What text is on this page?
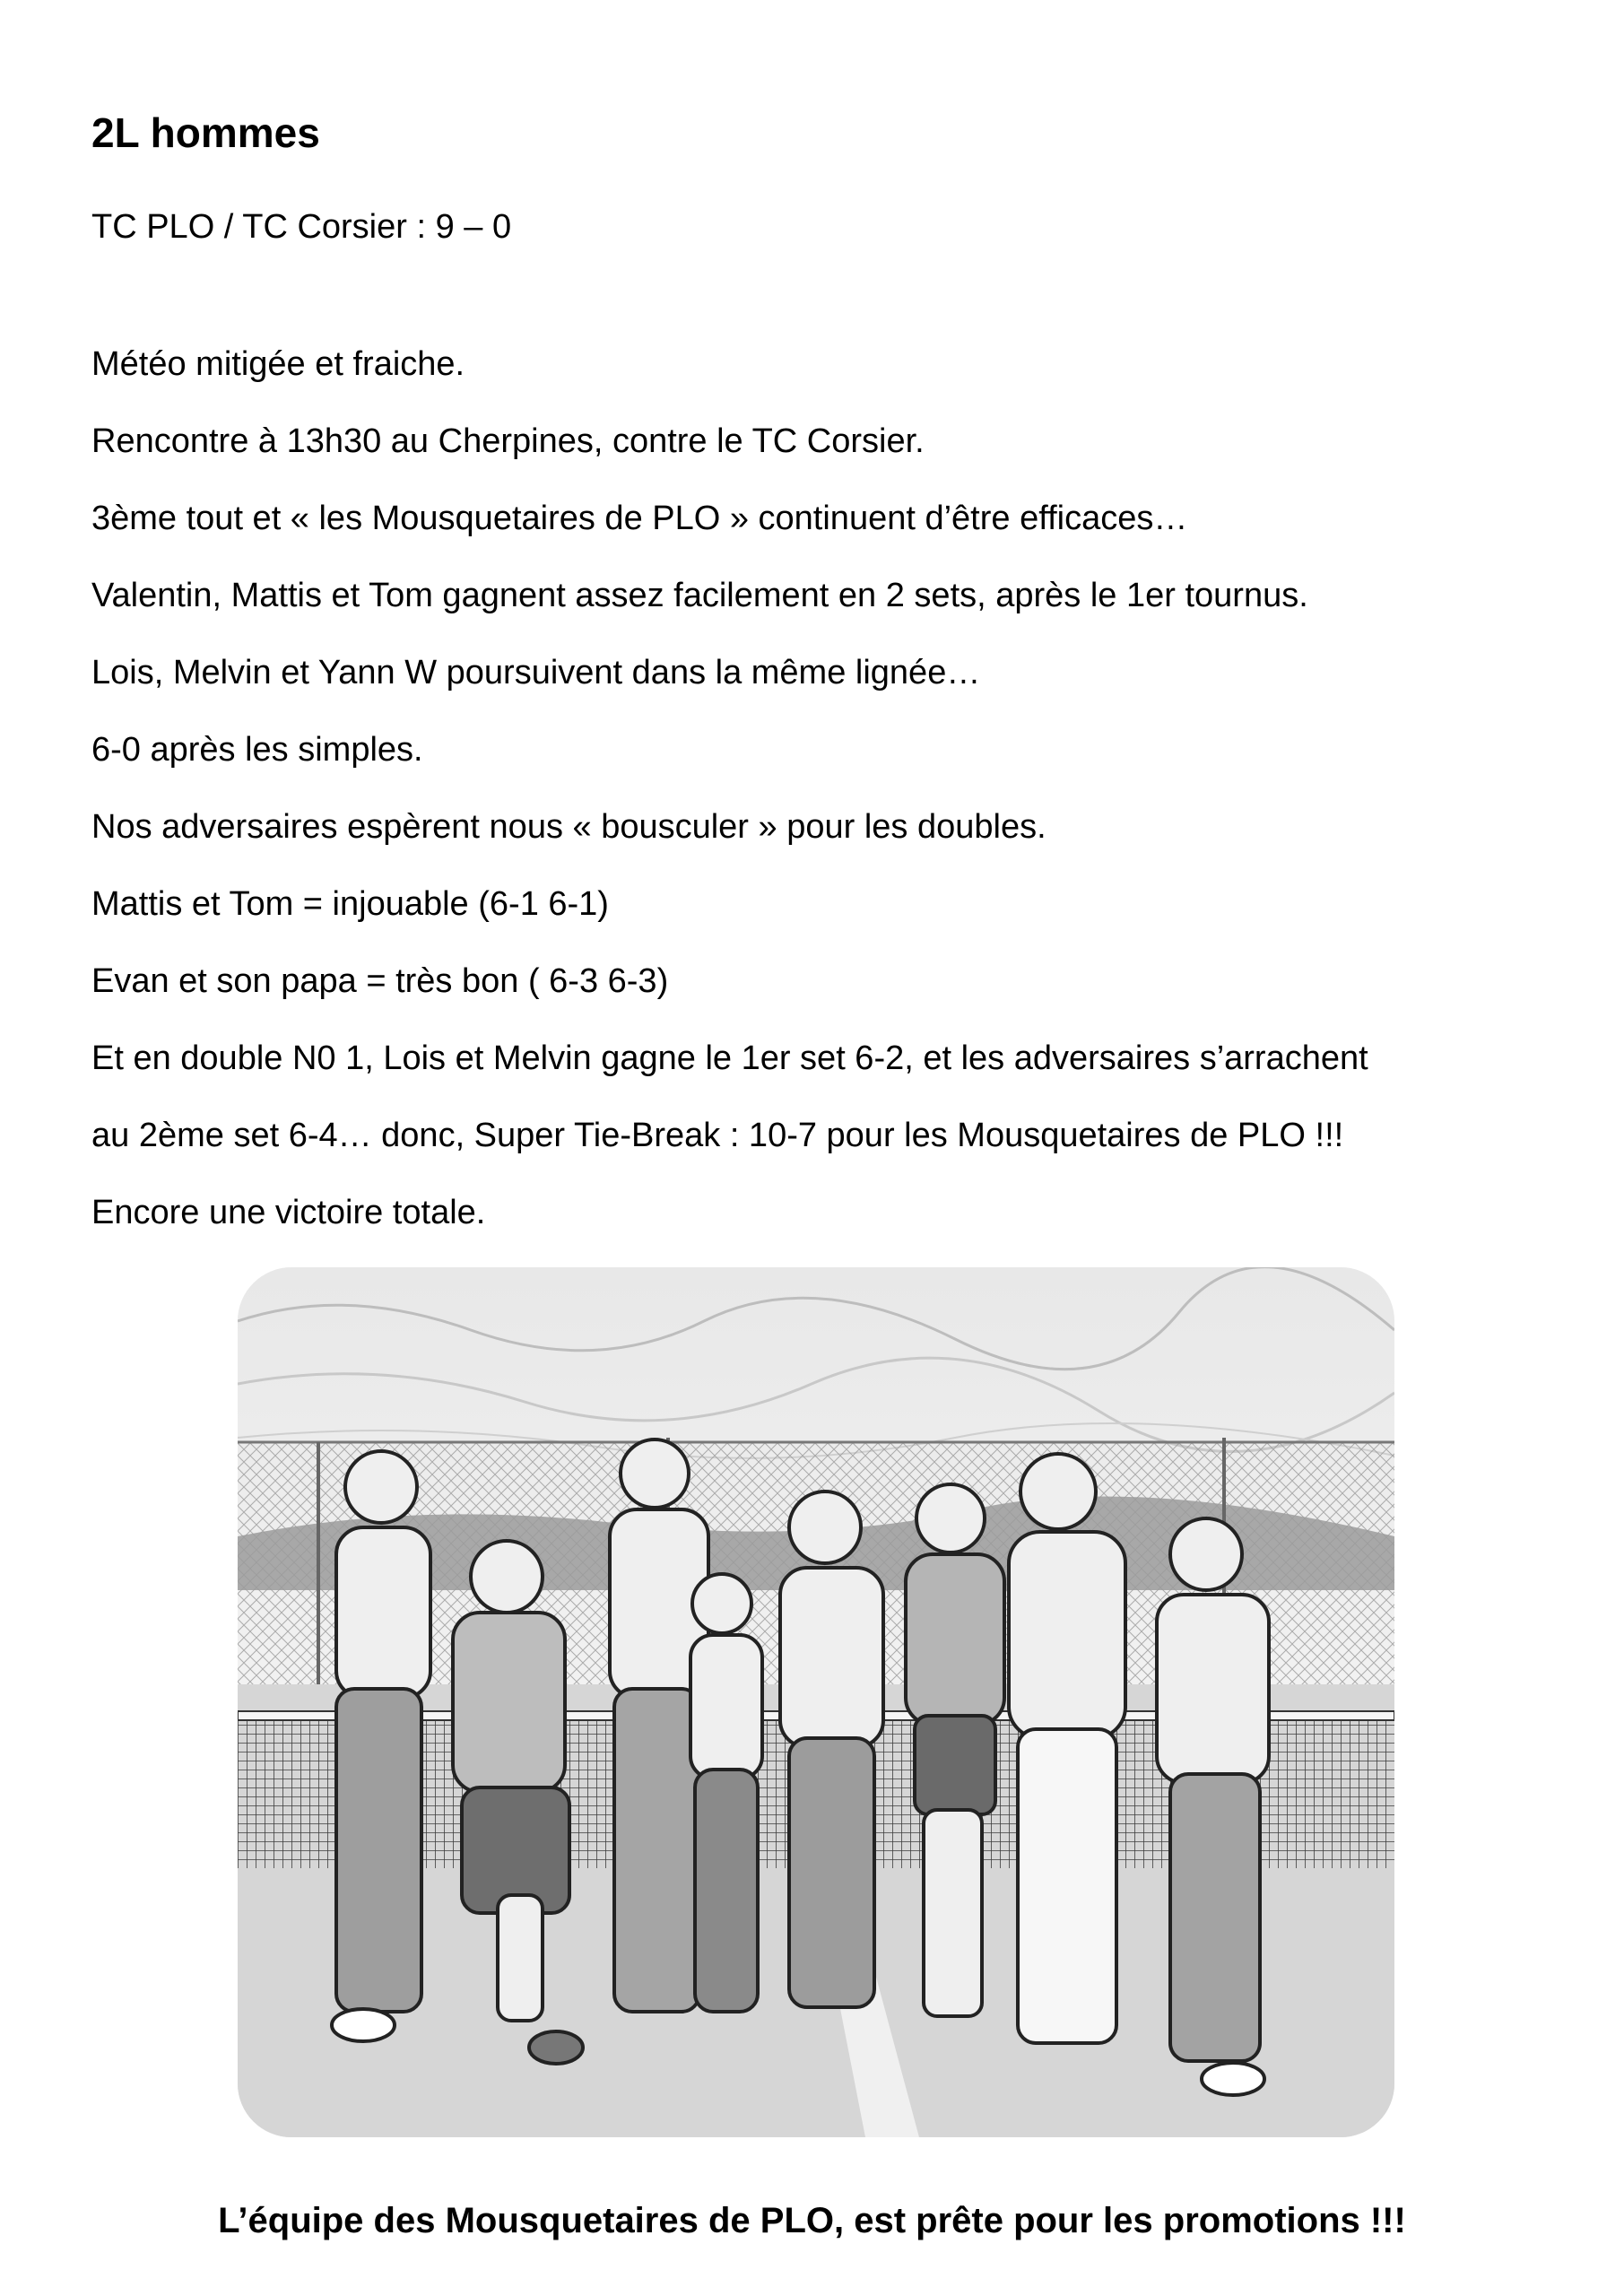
2L hommes
TC PLO / TC Corsier : 9 – 0
Météo mitigée et fraiche.
Rencontre à 13h30 au Cherpines, contre le TC Corsier.
3ème tout et « les Mousquetaires de PLO » continuent d’être efficaces…
Valentin, Mattis et Tom gagnent assez facilement en 2 sets, après le 1er tournus.
Lois, Melvin et Yann W poursuivent dans la même lignée…
6-0 après les simples.
Nos adversaires espèrent nous « bousculer » pour les doubles.
Mattis et Tom = injouable (6-1 6-1)
Evan et son papa = très bon ( 6-3 6-3)
Et en double N0 1, Lois et Melvin gagne le 1er set 6-2, et les adversaires s’arrachent
au 2ème set 6-4… donc, Super Tie-Break : 10-7 pour les Mousquetaires de PLO !!!
Encore une victoire totale.
L’équipe des Mousquetaires de PLO, est prête pour les promotions !!!
